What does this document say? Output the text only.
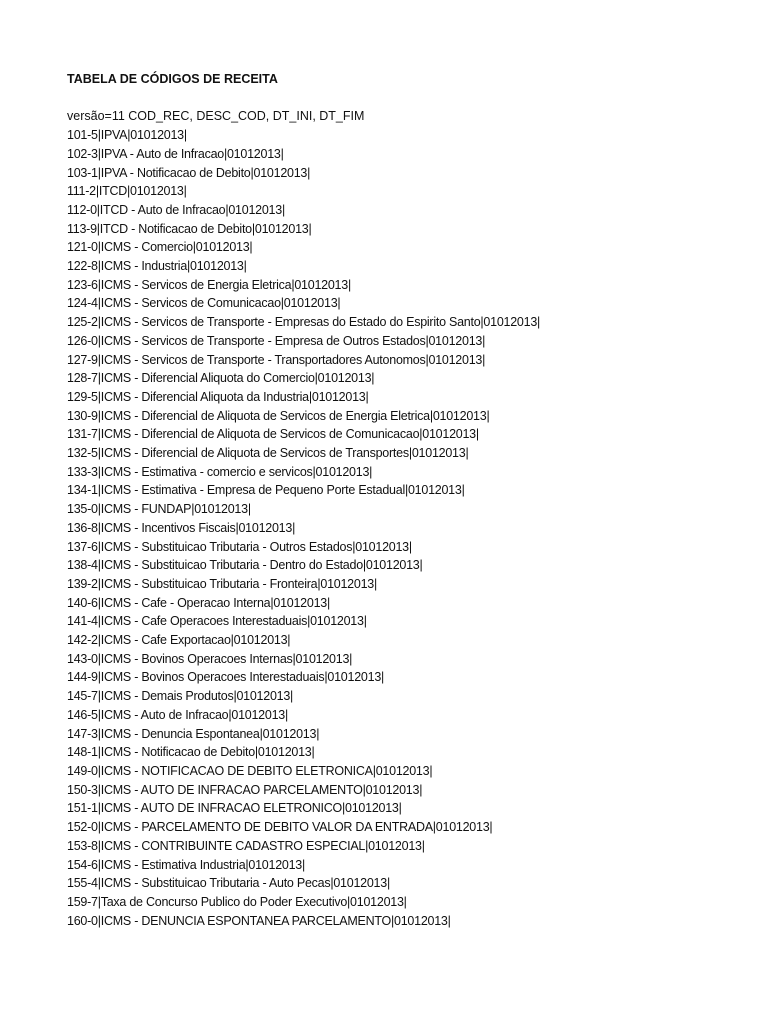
TABELA DE CÓDIGOS DE RECEITA
versão=11 COD_REC, DESC_COD, DT_INI, DT_FIM
101-5|IPVA|01012013|
102-3|IPVA - Auto de Infracao|01012013|
103-1|IPVA - Notificacao de Debito|01012013|
111-2|ITCD|01012013|
112-0|ITCD - Auto de Infracao|01012013|
113-9|ITCD - Notificacao de Debito|01012013|
121-0|ICMS - Comercio|01012013|
122-8|ICMS - Industria|01012013|
123-6|ICMS - Servicos de Energia Eletrica|01012013|
124-4|ICMS - Servicos de Comunicacao|01012013|
125-2|ICMS - Servicos de Transporte - Empresas do Estado do Espirito Santo|01012013|
126-0|ICMS - Servicos de Transporte - Empresa de Outros Estados|01012013|
127-9|ICMS - Servicos de Transporte - Transportadores Autonomos|01012013|
128-7|ICMS - Diferencial Aliquota do Comercio|01012013|
129-5|ICMS - Diferencial Aliquota da Industria|01012013|
130-9|ICMS - Diferencial de Aliquota de Servicos de Energia Eletrica|01012013|
131-7|ICMS - Diferencial de Aliquota de Servicos de Comunicacao|01012013|
132-5|ICMS - Diferencial de Aliquota de Servicos de Transportes|01012013|
133-3|ICMS - Estimativa - comercio e servicos|01012013|
134-1|ICMS - Estimativa - Empresa de Pequeno Porte Estadual|01012013|
135-0|ICMS - FUNDAP|01012013|
136-8|ICMS - Incentivos Fiscais|01012013|
137-6|ICMS - Substituicao Tributaria - Outros Estados|01012013|
138-4|ICMS - Substituicao Tributaria - Dentro do Estado|01012013|
139-2|ICMS - Substituicao Tributaria - Fronteira|01012013|
140-6|ICMS - Cafe - Operacao Interna|01012013|
141-4|ICMS - Cafe Operacoes Interestaduais|01012013|
142-2|ICMS - Cafe Exportacao|01012013|
143-0|ICMS - Bovinos Operacoes Internas|01012013|
144-9|ICMS - Bovinos Operacoes Interestaduais|01012013|
145-7|ICMS - Demais Produtos|01012013|
146-5|ICMS - Auto de Infracao|01012013|
147-3|ICMS - Denuncia Espontanea|01012013|
148-1|ICMS - Notificacao de Debito|01012013|
149-0|ICMS - NOTIFICACAO DE DEBITO ELETRONICA|01012013|
150-3|ICMS - AUTO DE INFRACAO PARCELAMENTO|01012013|
151-1|ICMS - AUTO DE INFRACAO ELETRONICO|01012013|
152-0|ICMS - PARCELAMENTO DE DEBITO VALOR DA ENTRADA|01012013|
153-8|ICMS - CONTRIBUINTE CADASTRO ESPECIAL|01012013|
154-6|ICMS - Estimativa Industria|01012013|
155-4|ICMS - Substituicao Tributaria - Auto Pecas|01012013|
159-7|Taxa de Concurso Publico do Poder Executivo|01012013|
160-0|ICMS - DENUNCIA ESPONTANEA PARCELAMENTO|01012013|
